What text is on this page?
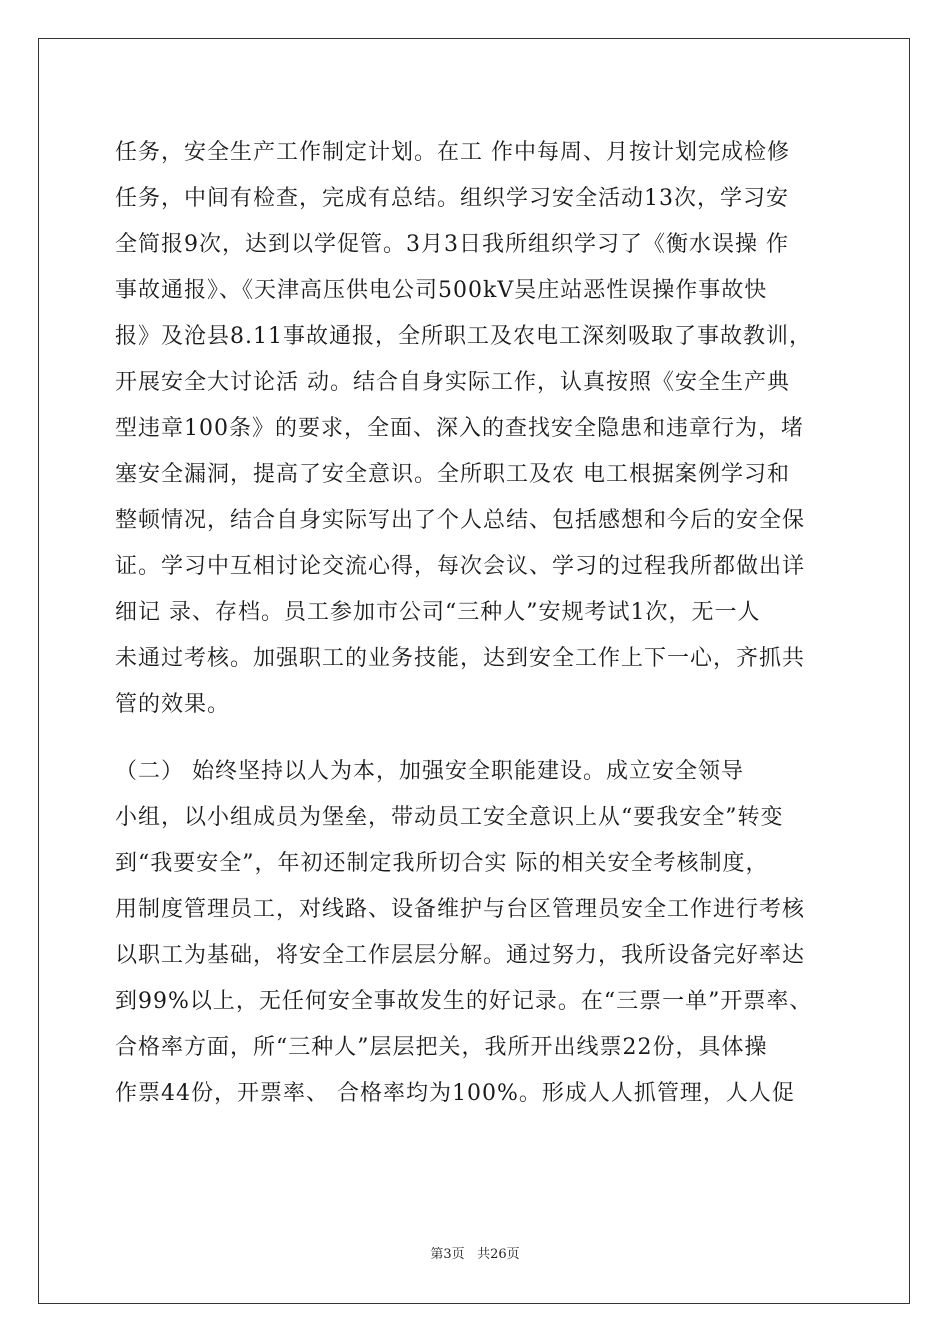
任务，安全生产工作制定计划。在工 作中每周、月按计划完成检修
任务，中间有检查，完成有总结。组织学习安全活动13次，学习安
全简报9次，达到以学促管。3月3日我所组织学习了《衡水误操 作
事故通报》、《天津高压供电公司500kV吴庄站恶性误操作事故快
报》及沧县8.11事故通报，全所职工及农电工深刻吸取了事故教训，
开展安全大讨论活 动。结合自身实际工作，认真按照《安全生产典
型违章100条》的要求，全面、深入的查找安全隐患和违章行为，堵
塞安全漏洞，提高了安全意识。全所职工及农 电工根据案例学习和
整顿情况，结合自身实际写出了个人总结、包括感想和今后的安全保
证。学习中互相讨论交流心得，每次会议、学习的过程我所都做出详
细记 录、存档。员工参加市公司“三种人”安规考试1次，无一人
未通过考核。加强职工的业务技能，达到安全工作上下一心，齐抓共
管的效果。
（二） 始终坚持以人为本，加强安全职能建设。成立安全领导
小组，以小组成员为堡垒，带动员工安全意识上从“要我安全”转变
到“我要安全”，年初还制定我所切合实 际的相关安全考核制度，
用制度管理员工，对线路、设备维护与台区管理员安全工作进行考核
以职工为基础，将安全工作层层分解。通过努力，我所设备完好率达
到99%以上，无任何安全事故发生的好记录。在“三票一单”开票率、
合格率方面，所“三种人”层层把关，我所开出线票22份，具体操
作票44份，开票率、 合格率均为100%。形成人人抓管理，人人促
第3页 共26页
